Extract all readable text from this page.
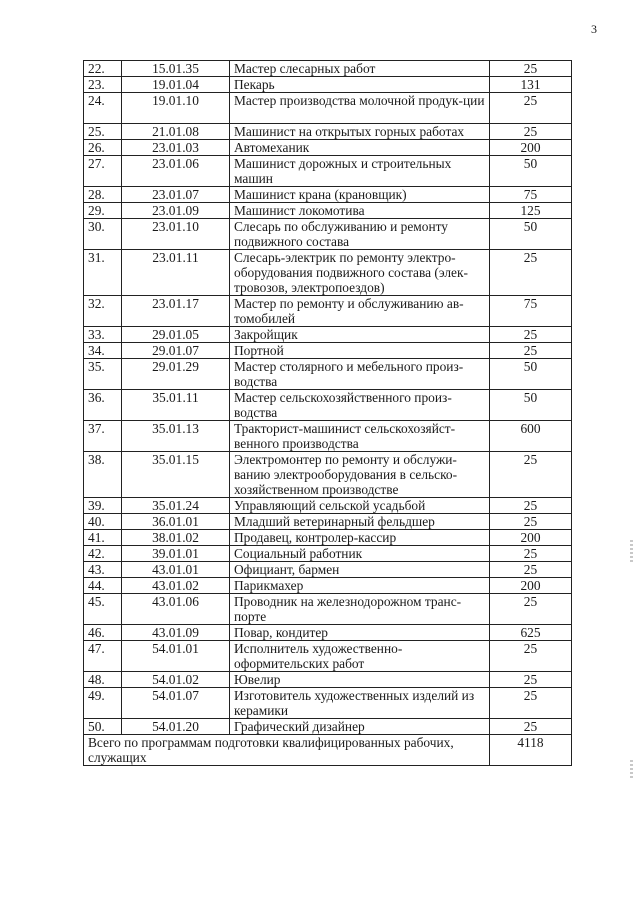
3
22.	15.01.35	Мастер слесарных работ	25
23.	19.01.04	Пекарь	131
24.	19.01.10	Мастер производства молочной продук-ции	25
25.	21.01.08	Машинист на открытых горных работах	25
26.	23.01.03	Автомеханик	200
27.	23.01.06	Машинист дорожных и строительных машин	50
28.	23.01.07	Машинист крана (крановщик)	75
29.	23.01.09	Машинист локомотива	125
30.	23.01.10	Слесарь по обслуживанию и ремонту подвижного состава	50
31.	23.01.11	Слесарь-электрик по ремонту электро-оборудования подвижного состава (элек-тровозов, электропоездов)	25
32.	23.01.17	Мастер по ремонту и обслуживанию ав-томобилей	75
33.	29.01.05	Закройщик	25
34.	29.01.07	Портной	25
35.	29.01.29	Мастер столярного и мебельного произ-водства	50
36.	35.01.11	Мастер сельскохозяйственного произ-водства	50
37.	35.01.13	Тракторист-машинист сельскохозяйст-венного производства	600
38.	35.01.15	Электромонтер по ремонту и обслужи-ванию электрооборудования в сельско-хозяйственном производстве	25
39.	35.01.24	Управляющий сельской усадьбой	25
40.	36.01.01	Младший ветеринарный фельдшер	25
41.	38.01.02	Продавец, контролер-кассир	200
42.	39.01.01	Социальный работник	25
43.	43.01.01	Официант, бармен	25
44.	43.01.02	Парикмахер	200
45.	43.01.06	Проводник на железнодорожном транс-порте	25
46.	43.01.09	Повар, кондитер	625
47.	54.01.01	Исполнитель художественно-оформительских работ	25
48.	54.01.02	Ювелир	25
49.	54.01.07	Изготовитель художественных изделий из керамики	25
50.	54.01.20	Графический дизайнер	25
Всего по программам подготовки квалифицированных рабочих, служащих			4118
